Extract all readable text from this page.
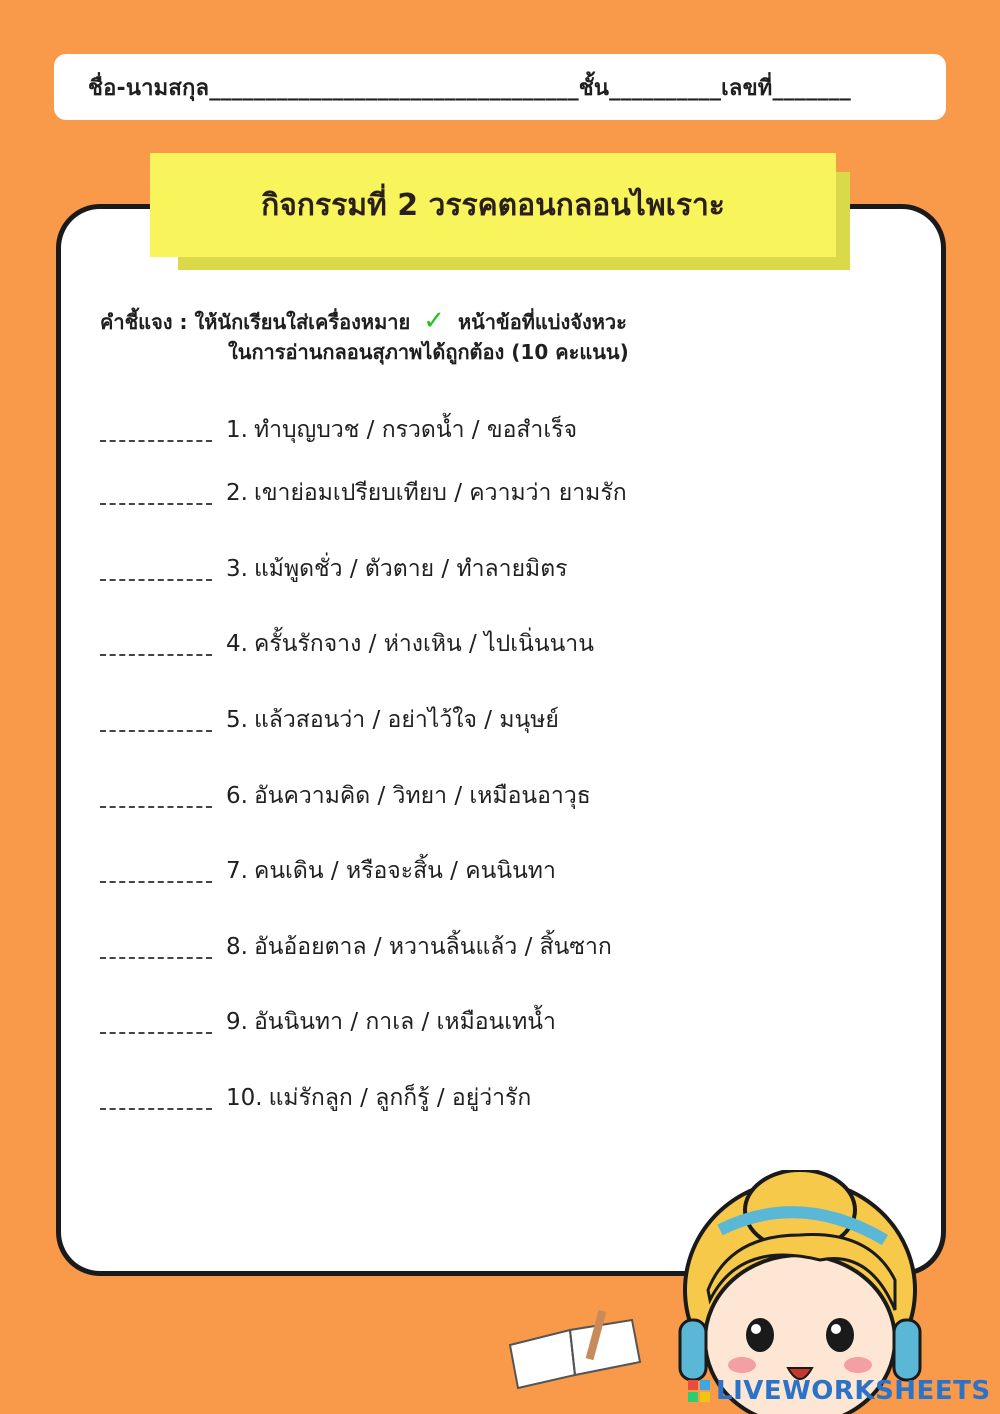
ชื่อ-นามสกุล_________________________________ชั้น__________เลขที่_______
กิจกรรมที่ 2 วรรคตอนกลอนไพเราะ
คำชี้แจง : ให้นักเรียนใส่เครื่องหมาย ✓ หน้าข้อที่แบ่งจังหวะ
ในการอ่านกลอนสุภาพได้ถูกต้อง (10 คะแนน)
1. ทำบุญบวช / กรวดน้ำ / ขอสำเร็จ
2. เขาย่อมเปรียบเทียบ / ความว่า ยามรัก
3. แม้พูดชั่ว / ตัวตาย / ทำลายมิตร
4. ครั้นรักจาง / ห่างเหิน / ไปเนิ่นนาน
5. แล้วสอนว่า / อย่าไว้ใจ / มนุษย์
6. อันความคิด / วิทยา / เหมือนอาวุธ
7. คนเดิน / หรือจะสิ้น / คนนินทา
8. อันอ้อยตาล / หวานลิ้นแล้ว / สิ้นซาก
9. อันนินทา / กาเล / เหมือนเทน้ำ
10. แม่รักลูก / ลูกก็รู้ / อยู่ว่ารัก
LIVEWORKSHEETS
